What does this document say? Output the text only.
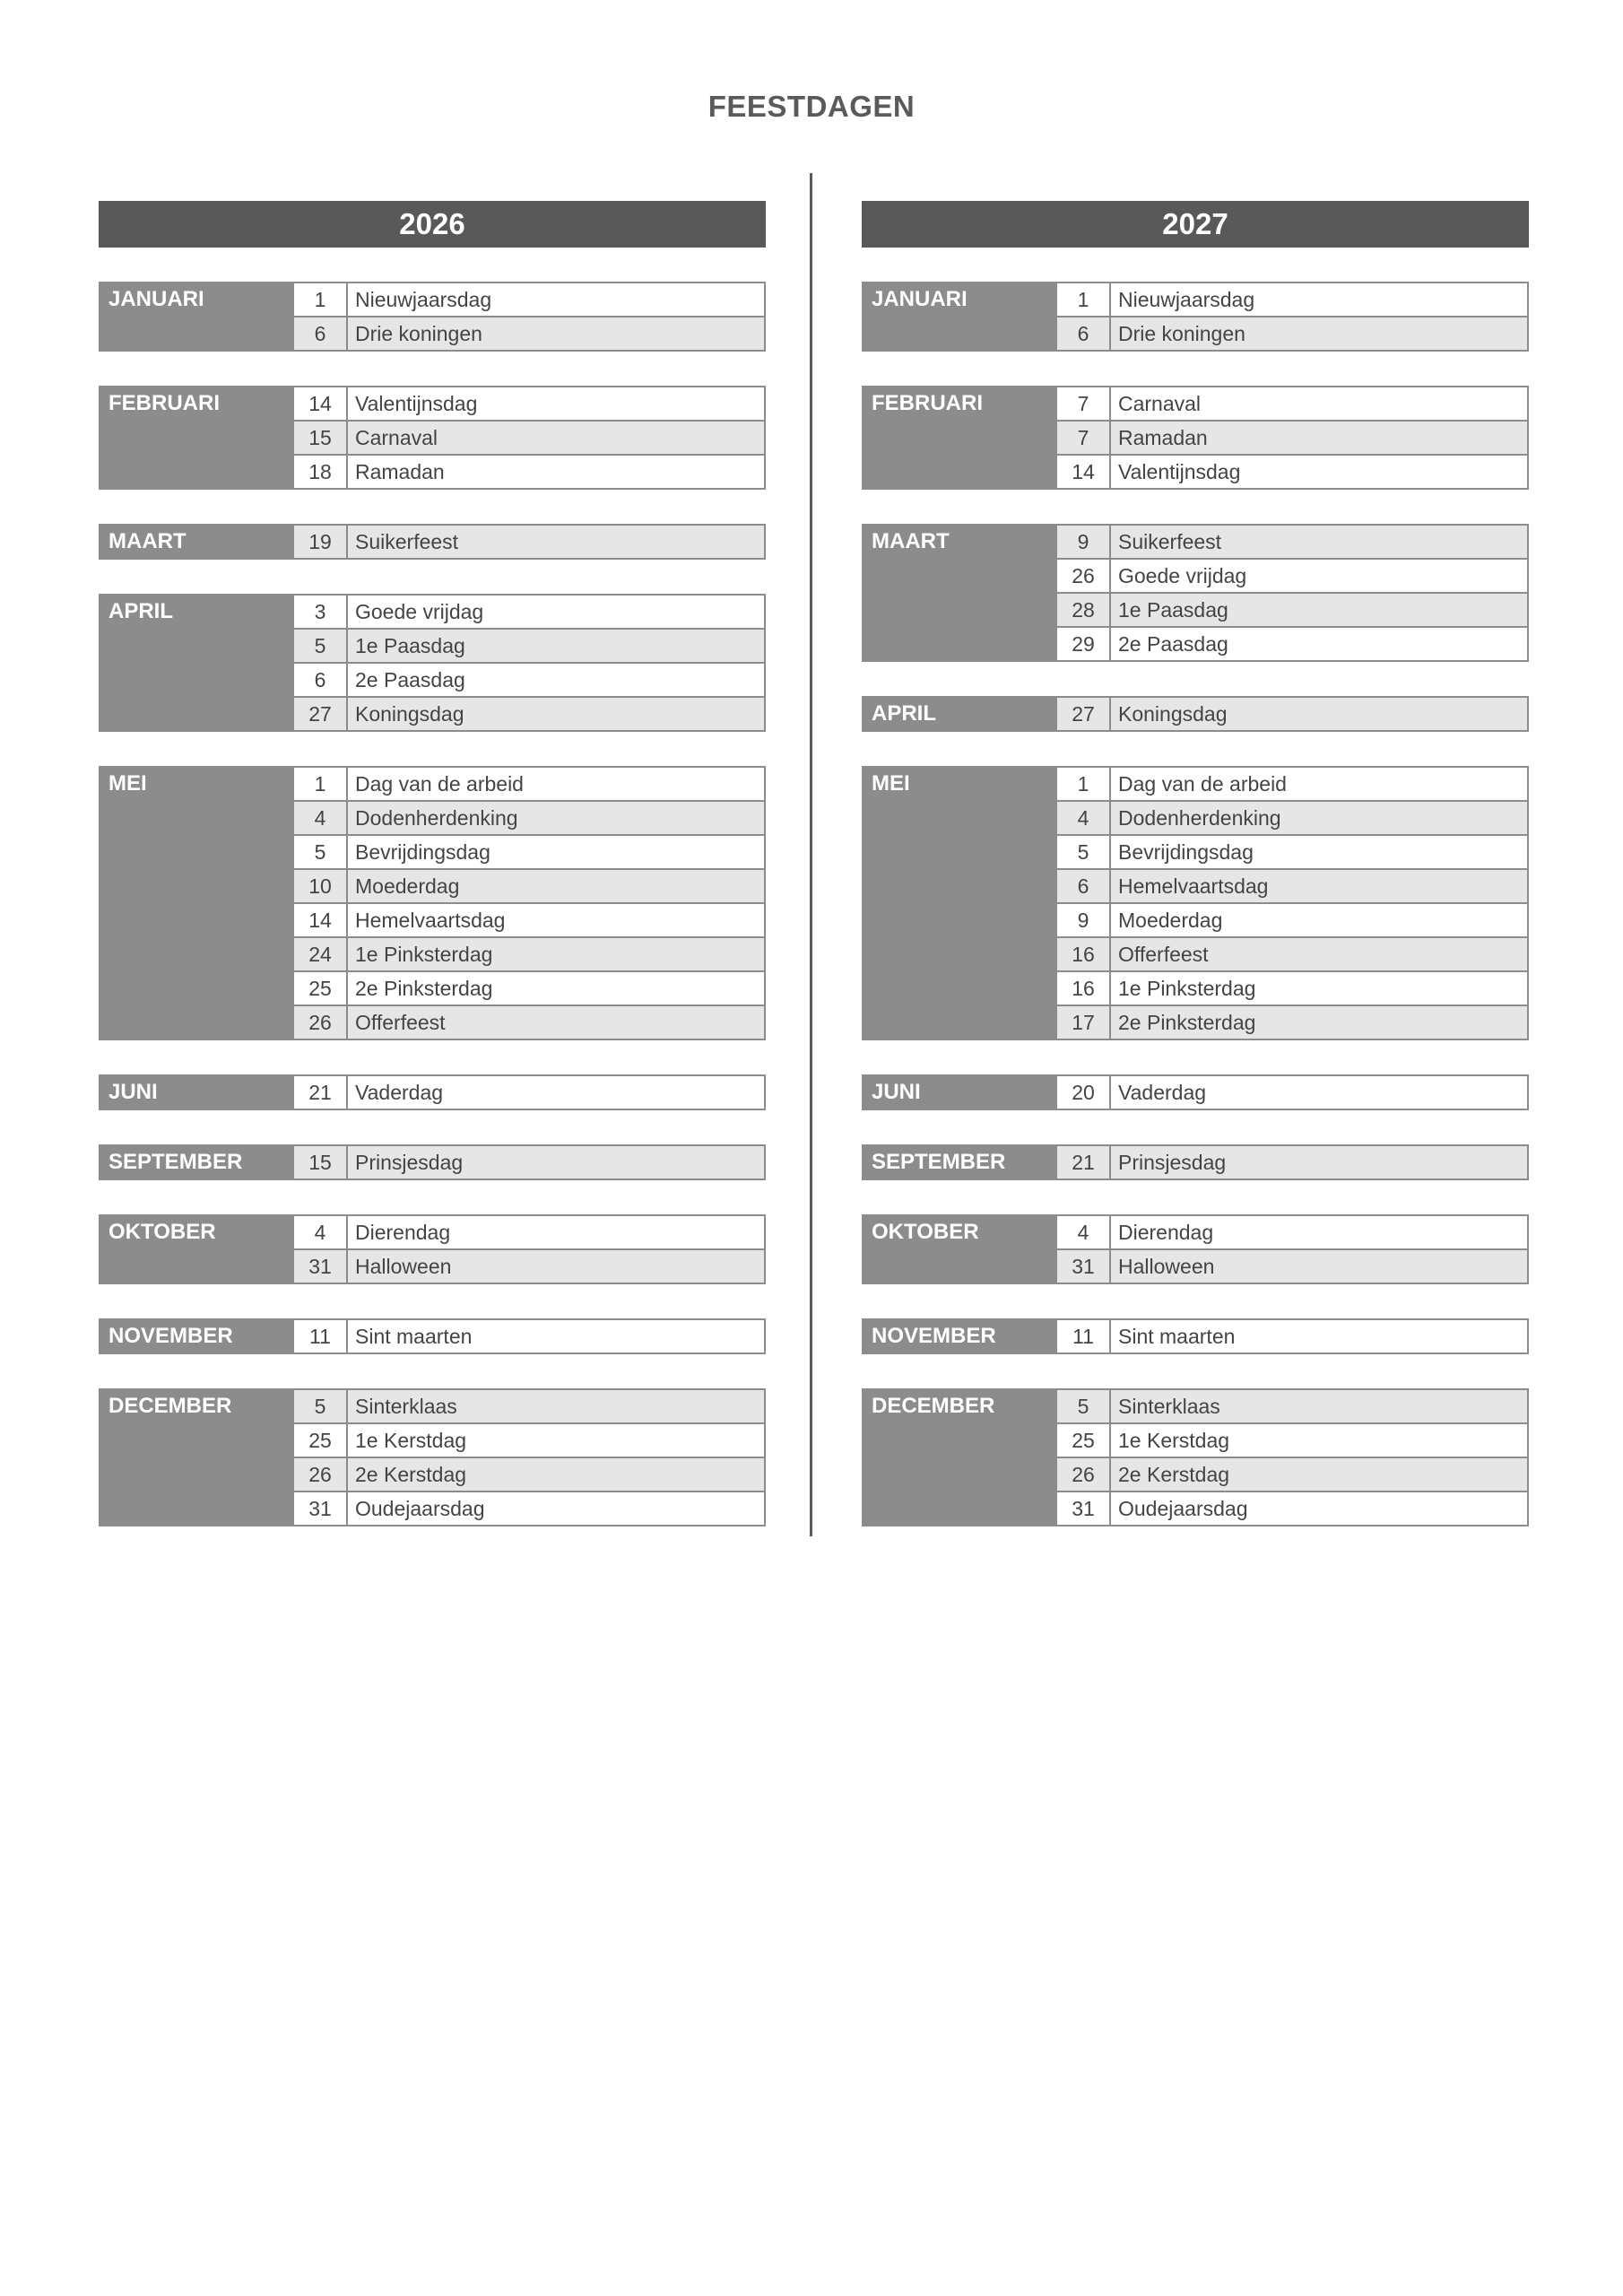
FEESTDAGEN
2026
JANUARI	1	Nieuwjaarsdag
6	Drie koningen
FEBRUARI	14	Valentijnsdag
15	Carnaval
18	Ramadan
MAART	19	Suikerfeest
APRIL	3	Goede vrijdag
5	1e Paasdag
6	2e Paasdag
27	Koningsdag
MEI	1	Dag van de arbeid
4	Dodenherdenking
5	Bevrijdingsdag
10	Moederdag
14	Hemelvaartsdag
24	1e Pinksterdag
25	2e Pinksterdag
26	Offerfeest
JUNI	21	Vaderdag
SEPTEMBER	15	Prinsjesdag
OKTOBER	4	Dierendag
31	Halloween
NOVEMBER	11	Sint maarten
DECEMBER	5	Sinterklaas
25	1e Kerstdag
26	2e Kerstdag
31	Oudejaarsdag
2027
JANUARI	1	Nieuwjaarsdag
6	Drie koningen
FEBRUARI	7	Carnaval
7	Ramadan
14	Valentijnsdag
MAART	9	Suikerfeest
26	Goede vrijdag
28	1e Paasdag
29	2e Paasdag
APRIL	27	Koningsdag
MEI	1	Dag van de arbeid
4	Dodenherdenking
5	Bevrijdingsdag
6	Hemelvaartsdag
9	Moederdag
16	Offerfeest
16	1e Pinksterdag
17	2e Pinksterdag
JUNI	20	Vaderdag
SEPTEMBER	21	Prinsjesdag
OKTOBER	4	Dierendag
31	Halloween
NOVEMBER	11	Sint maarten
DECEMBER	5	Sinterklaas
25	1e Kerstdag
26	2e Kerstdag
31	Oudejaarsdag
